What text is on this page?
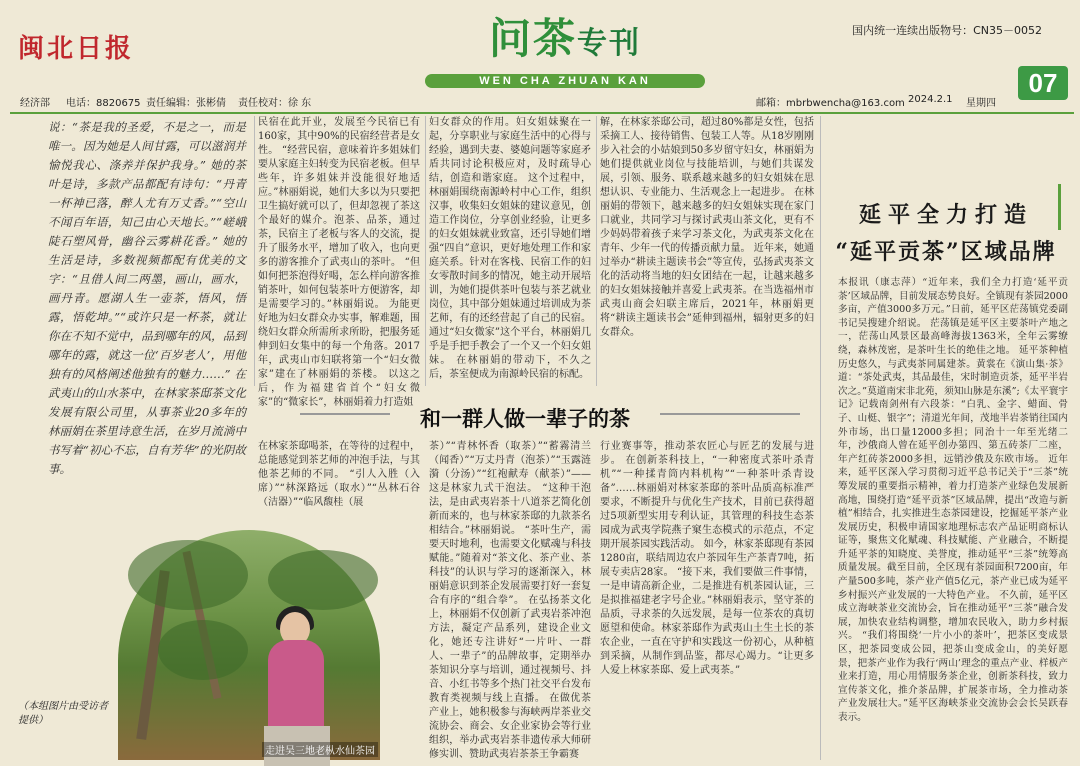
闽北日报	问茶专刊
WEN CHA ZHUAN KAN
国内统一连续出版物号：CN35－0052
07
经济部 电话：8820675 责任编辑：张彬倩 责任校对：徐 东	邮箱：mbrbwencha@163.com 2024.2.1 星期四

说：“茶是我的圣爱，不是之一，而是唯一。因为她是人间甘露，可以滋润并愉悦我心、涤养并保护我身。” 她的茶叶是诗，多款产品都配有诗句：“丹青一杯神已落，醉人尤有万丈香。”“空山不闻百年语，知己由心天地长。”“嵯峨陡石塑风骨，幽谷云雾耕花香。” 她的生活是诗，多数视频都配有优美的文字：“且借人间二两墨，画山，画水，画丹青。愿湖人生一壶茶，悟风，悟露，悟乾坤。”“或许只是一杯茶，就让你在不知不觉中，品到哪年的风，品到哪年的露，就这一位‘百岁老人’，用他独有的风格阐述他独有的魅力……” 在武夷山的山水茶中，在林家茶邸茶文化发展有限公司里，从事茶业20多年的林丽娟在茶里诗意生活，在岁月流淌中书写着“初心不忘，自有芳华”的光阴故事。

（本组图片由受访者提供）

民宿在此开业，发展至今民宿已有160家，其中90%的民宿经营者是女性。 “经营民宿，意味着许多姐妹们要从家庭主妇转变为民宿老板。但早些年，许多姐妹并没能很好地适应。”林丽娟说，她们大多以为只要把卫生搞好就可以了，但却忽视了茶这个最好的媒介。泡茶、品茶，通过茶，民宿主了老板与客人的交流，提升了服务水平，增加了收入，也向更多的游客推介了武夷山的茶叶。 “但如何把茶泡得好喝，怎么样向游客推销茶叶，如何包装茶叶方便游客，却是需要学习的。”林丽娟说。 为能更好地为妇女群众办实事，解难题，围绕妇女群众所需所求所盼，把服务延伸到妇女集中的每一个角落。2017年，武夷山市妇联将第一个“妇女微家”建在了林丽娟的茶楼。 以这之后，作为福建省首个“妇女微家”的“微家长”，林丽娟着力打造姐

妇女群众的作用。妇女姐妹聚在一起，分享职业与家庭生活中的心得与经验，遇到夫妻、婆媳问题等家庭矛盾共同讨论积极应对，及时疏导心结，创造和谐家庭。 这个过程中，林丽娟围绕南源岭村中心工作，组织汉事，收集妇女姐妹的建议意见，创造工作岗位，分享创业经验，让更多的妇女姐妹就业致富，还引导她们增强“四自”意识，更好地处理工作和家庭关系。针对在客栈、民宿工作的妇女零散时间多的情况，她主动开展培训，为她们提供茶叶包装与茶艺就业岗位，其中部分姐妹通过培训成为茶艺师，有的还经营起了自己的民宿。 通过“妇女微家”这个平台，林丽娟几乎是手把手教会了一个又一个妇女姐妹。 在林丽娟的带动下，不久之后，茶室便成为南源岭民宿的标配。

解，在林家茶邸公司，超过80%都是女性，包括采摘工人、接待销售、包装工人等。从18岁刚刚步入社会的小姑娘到50多岁留守妇女，林丽娟为她们提供就业岗位与技能培训，与她们共谋发展，引领、服务、联系越来越多的妇女姐妹在思想认识、专业能力、生活观念上一起进步。 在林丽娟的带领下，越来越多的妇女姐妹实现在家门口就业，共同学习与探讨武夷山茶文化，更有不少妈妈带着孩子来学习茶文化，为武夷茶文化在青年、少年一代的传播贡献力量。 近年来，她通过举办“耕读主题读书会”等宣传，弘扬武夷茶文化的活动将当地的妇女团结在一起，让越来越多的妇女姐妹接触并喜爱上武夷茶。在当选福州市武夷山商会妇联主席后，2021年，林丽娟更将“耕读主题读书会”延伸到福州，辐射更多的妇女群众。

和一群人做一辈子的茶

在林家茶邸喝茶，在等待的过程中，总能感觉到茶艺师的冲泡手法，与其他茶艺师的不同。 “引人入胜（入席）”“林深路远（取水）”“丛林石谷（洁器）”“临风馥桂（展

茶）”“青林怀香（取茶）”“蓄霧清兰（闻香）”“万丈丹青（泡茶）”“玉露涟漪（分汤）”“红袍献寿（献茶）”——这是林家九式干泡法。 “这种干泡法，是由武夷岩茶十八道茶艺简化创新而来的，也与林家茶邸的九款茶名相结合。”林丽娟说。 “茶叶生产，需要天时地利，也需要文化赋魂与科技赋能。”随着对“茶文化、茶产业、茶科技”的认识与学习的逐渐深入，林丽娟意识到茶企发展需要打好一套复合有序的“组合拳”。 在弘扬茶文化上，林丽娟不仅创新了武夷岩茶冲泡方法，凝定产品系列，建设企业文化，她还专注讲好“一片叶、一群人、一辈子”的品牌故事，定期举办茶知识分享与培训，通过视频号、抖音、小红书等多个热门社交平台发布教育类视频与线上直播。 在做优茶产业上，她积极参与海峡两岸茶业交流协会、商会、女企业家协会等行业组织，举办武夷岩茶非遗传承大师研修实训、赞助武夷岩茶茶王争霸赛

行业赛事等，推动茶农匠心与匠艺的发展与进步。 在创新茶科技上，“一种密度式茶叶杀青机”“一种揉青筒内料机构”“一种茶叶杀青设备”……林丽娟对林家茶邸的茶叶品质高标准严要求，不断提升与优化生产技术，目前已获得超过5项新型实用专利认证，其管理的科技生态茶园成为武夷学院燕子窠生态模式的示范点，不定期开展茶园实践活动。 如今，林家茶邸现有茶园1280亩，联结周边农户茶园年生产茶青7吨，拓展专卖店28家。 “接下来，我们要做三件事情，一是申请高新企业，二是推进有机茶园认证，三是拟推福建老字号企业。”林丽娟表示，坚守茶的品质，寻求茶的久远发展，是每一位茶农的真切愿望和使命。林家茶邸作为武夷山土生土长的茶农企业，一直在守护和实践这一份初心，从种植到采摘，从制作到品鉴，都尽心竭力。“让更多人爱上林家茶邸、爱上武夷茶。”

走进吴三地老枞水仙茶园
延平全力打造
“延平贡茶”区域品牌

本报讯（康志萍）“近年来，我们全力打造‘延平贡茶’区域品牌，目前发展态势良好。全镇现有茶园2000多亩，产值3000多万元。”日前，延平区茫荡镇党委副书记吴搜建介绍说。 茫荡镇是延平区主要茶叶产地之一，茫荡山风景区最高峰海拔1363米，全年云雾缭绕，森林茂密，是茶叶生长的绝佳之地。 延平茶种植历史悠久，与武夷茶同属建茶。黄裳在《演山集·茶》道：“茶处武夷，其品最佳，宋时制造贡茶，延平半岩次之。”莫道南宋非北苑，须知山脉是东溪”;《太平寰宇记》记载南剑州有六段茶：“白乳、金字、蜡面、骨子、山梃、银字”；清道光年间，茂地半岩茶销往国内外市场，出口量12000多担；同治十一年至光绪二年，沙俄商人曾在延平创办第四、第五砖茶厂二座，年产红砖茶2000多担，远销沙俄及东欧市场。 近年来，延平区深入学习贯彻习近平总书记关于“三茶”统筹发展的重要指示精神，着力打造茶产业绿色发展新高地，围绕打造“延平贡茶”区域品牌，提出“改造与新植”相结合，扎实推进生态茶园建设，挖掘延平茶产业发展历史，积极申请国家地理标志农产品证明商标认证等，聚焦文化赋魂、科技赋能、产业融合，不断提升延平茶的知晓度、美誉度，推动延平“三茶”统筹高质量发展。截至目前，全区现有茶园面积7200亩，年产量500多吨，茶产业产值5亿元，茶产业已成为延平乡村振兴产业发展的一大特色产业。 不久前，延平区成立海峡茶业交流协会，旨在推动延平“三茶”融合发展，加快农业结构调整，增加农民收入，助力乡村振兴。 “我们将围绕‘一片小小的茶叶’，把茶区变成景区，把茶园变成公园，把茶山变成金山，的美好愿景，把茶产业作为我行‘两山’理念的重点产业、样板产业来打造，用心用情服务茶企业，创新茶科技，致力宣传茶文化，推介茶品牌，扩展茶市场，全力推动茶产业发展壮大。”延平区海峡茶业交流协会会长吴跃春表示。
